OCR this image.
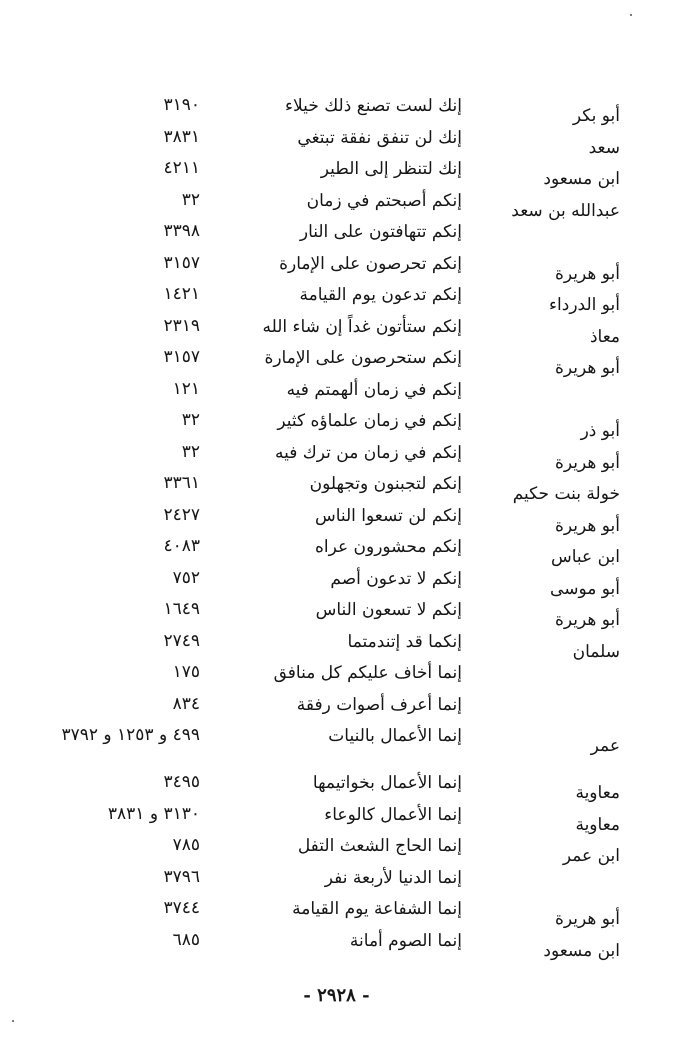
أبو بكر
إنك لست تصنع ذلك خيلاء
٣١٩٠
سعد
إنك لن تنفق نفقة تبتغي
٣٨٣١
ابن مسعود
إنك لتنظر إلى الطير
٤٢١١
عبدالله بن سعد
إنكم أصبحتم في زمان
٣٢
إنكم تتهافتون على النار
٣٣٩٨
أبو هريرة
إنكم تحرصون على الإمارة
٣١٥٧
أبو الدرداء
إنكم تدعون يوم القيامة
١٤٢١
معاذ
إنكم ستأتون غداً إن شاء الله
٢٣١٩
أبو هريرة
إنكم ستحرصون على الإمارة
٣١٥٧
إنكم في زمان ألهمتم فيه
١٢١
أبو ذر
إنكم في زمان علماؤه كثير
٣٢
أبو هريرة
إنكم في زمان من ترك فيه
٣٢
خولة بنت حكيم
إنكم لتجبنون وتجهلون
٣٣٦١
أبو هريرة
إنكم لن تسعوا الناس
٢٤٢٧
ابن عباس
إنكم محشورون عراه
٤٠٨٣
أبو موسى
إنكم لا تدعون أصم
٧٥٢
أبو هريرة
إنكم لا تسعون الناس
١٦٤٩
سلمان
إنكما قد إتندمتما
٢٧٤٩
إنما أخاف عليكم كل منافق
١٧٥
إنما أعرف أصوات رفقة
٨٣٤
عمر
إنما الأعمال بالنيات
٤٩٩ و ١٢٥٣ و ٣٧٩٢
معاوية
إنما الأعمال بخواتيمها
٣٤٩٥
معاوية
إنما الأعمال كالوعاء
٣١٣٠ و ٣٨٣١
ابن عمر
إنما الحاج الشعث التفل
٧٨٥
إنما الدنيا لأربعة نفر
٣٧٩٦
أبو هريرة
إنما الشفاعة يوم القيامة
٣٧٤٤
ابن مسعود
إنما الصوم أمانة
٦٨٥
- ٢٩٢٨ -
